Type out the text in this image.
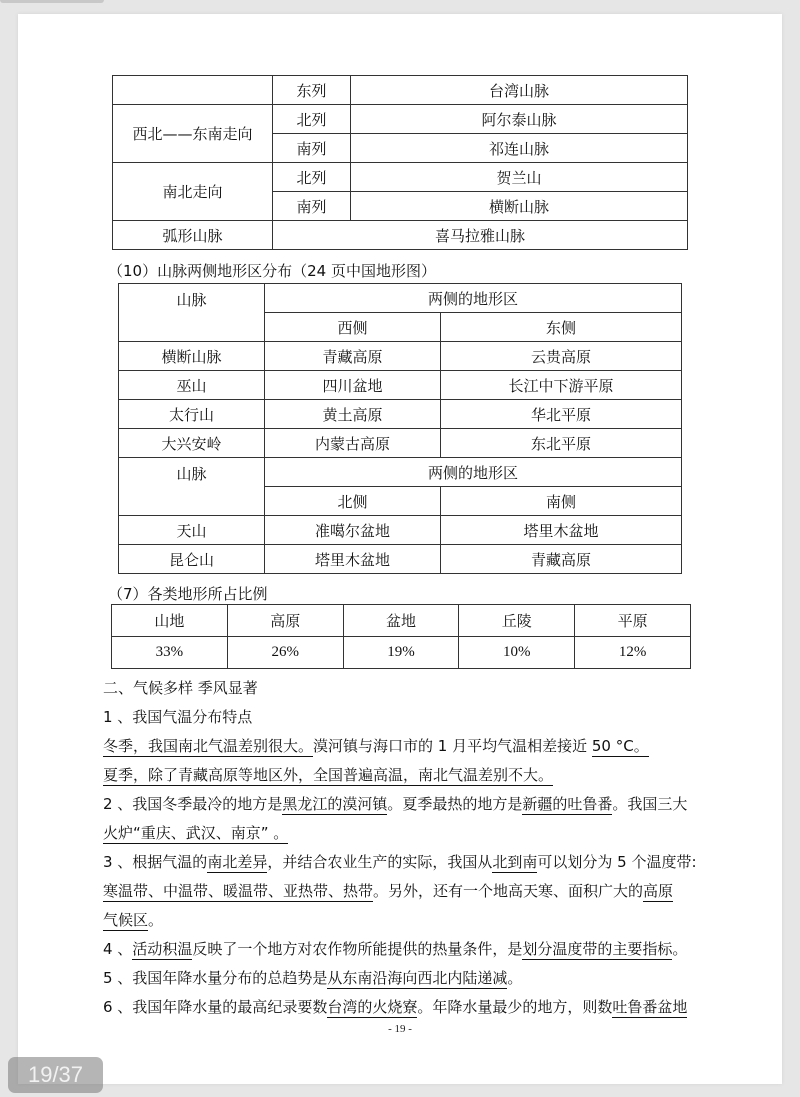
	东列	台湾山脉
西北——东南走向	北列	阿尔泰山脉
	南列	祁连山脉
南北走向	北列	贺兰山
	南列	横断山脉
弧形山脉	喜马拉雅山脉	
（10）山脉两侧地形区分布（24 页中国地形图）
山脉	两侧的地形区	
	西侧	东侧
横断山脉	青藏高原	云贵高原
巫山	四川盆地	长江中下游平原
太行山	黄土高原	华北平原
大兴安岭	内蒙古高原	东北平原
山脉	两侧的地形区	
	北侧	南侧
天山	准噶尔盆地	塔里木盆地
昆仑山	塔里木盆地	青藏高原
（7）各类地形所占比例
山地	高原	盆地	丘陵	平原
33%	26%	19%	10%	12%
二、气候多样 季风显著
1 、我国气温分布特点
冬季，我国南北气温差别很大。漠河镇与海口市的 1 月平均气温相差接近 50 °C。
夏季，除了青藏高原等地区外，全国普遍高温，南北气温差别不大。
2 、我国冬季最冷的地方是黑龙江的漠河镇。夏季最热的地方是新疆的吐鲁番。我国三大
火炉“重庆、武汉、南京” 。
3 、根据气温的南北差异，并结合农业生产的实际，我国从北到南可以划分为 5 个温度带:
寒温带、中温带、暖温带、亚热带、热带。另外，还有一个地高天寒、面积广大的高原
气候区。
4 、活动积温反映了一个地方对农作物所能提供的热量条件，是划分温度带的主要指标。
5 、我国年降水量分布的总趋势是从东南沿海向西北内陆递减。
6 、我国年降水量的最高纪录要数台湾的火烧寮。年降水量最少的地方，则数吐鲁番盆地
- 19 -
19/37
